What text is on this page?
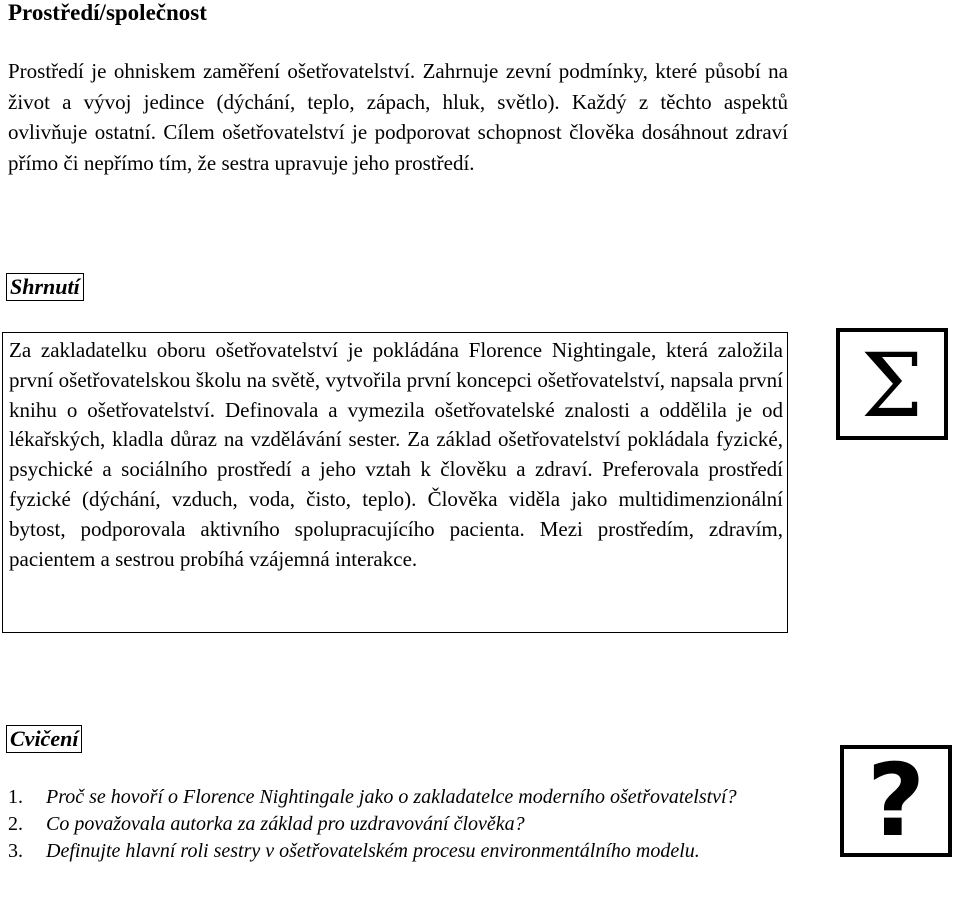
Prostředí/společnost
Prostředí je ohniskem zaměření ošetřovatelství. Zahrnuje zevní podmínky, které působí na život a vývoj jedince (dýchání, teplo, zápach, hluk, světlo). Každý z těchto aspektů ovlivňuje ostatní. Cílem ošetřovatelství je podporovat schopnost člověka dosáhnout zdraví přímo či nepřímo tím, že sestra upravuje jeho prostředí.
Shrnutí
Za zakladatelku oboru ošetřovatelství je pokládána Florence Nightingale, která založila první ošetřovatelskou školu na světě, vytvořila první koncepci ošetřovatelství, napsala první knihu o ošetřovatelství. Definovala a vymezila ošetřovatelské znalosti a oddělila je od lékařských, kladla důraz na vzdělávání sester. Za základ ošetřovatelství pokládala fyzické, psychické a sociálního prostředí a jeho vztah k člověku a zdraví. Preferovala prostředí fyzické (dýchání, vzduch, voda, čisto, teplo). Člověka viděla jako multidimenzionální bytost, podporovala aktivního spolupracujícího pacienta. Mezi prostředím, zdravím, pacientem a sestrou probíhá vzájemná interakce.
Σ
Cvičení
?
1. Proč se hovoří o Florence Nightingale jako o zakladatelce moderního ošetřovatelství?
2. Co považovala autorka za základ pro uzdravování člověka?
3. Definujte hlavní roli sestry v ošetřovatelském procesu environmentálního modelu.
